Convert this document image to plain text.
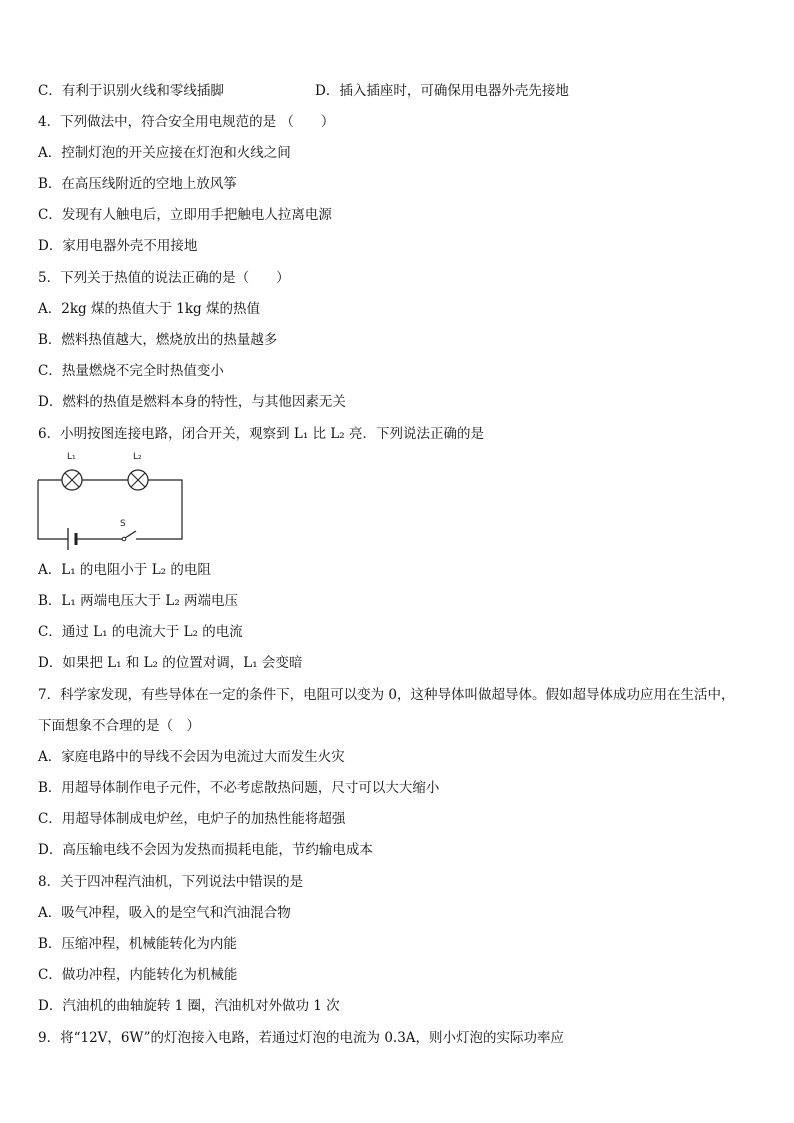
C．有利于识别火线和零线插脚	D．插入插座时，可确保用电器外壳先接地
4．下列做法中，符合安全用电规范的是 （　　）
A．控制灯泡的开关应接在灯泡和火线之间
B．在高压线附近的空地上放风筝
C．发现有人触电后，立即用手把触电人拉离电源
D．家用电器外壳不用接地
5．下列关于热值的说法正确的是（　　）
A．2kg 煤的热值大于 1kg 煤的热值
B．燃料热值越大，燃烧放出的热量越多
C．热量燃烧不完全时热值变小
D．燃料的热值是燃料本身的特性，与其他因素无关
6．小明按图连接电路，闭合开关，观察到 L₁ 比 L₂ 亮．下列说法正确的是
L₁	L₂
S
A．L₁ 的电阻小于 L₂ 的电阻
B．L₁ 两端电压大于 L₂ 两端电压
C．通过 L₁ 的电流大于 L₂ 的电流
D．如果把 L₁ 和 L₂ 的位置对调，L₁ 会变暗
7．科学家发现，有些导体在一定的条件下，电阻可以变为 0，这种导体叫做超导体。假如超导体成功应用在生活中，
下面想象不合理的是（　）
A．家庭电路中的导线不会因为电流过大而发生火灾
B．用超导体制作电子元件，不必考虑散热问题，尺寸可以大大缩小
C．用超导体制成电炉丝，电炉子的加热性能将超强
D．高压输电线不会因为发热而损耗电能，节约输电成本
8．关于四冲程汽油机，下列说法中错误的是
A．吸气冲程，吸入的是空气和汽油混合物
B．压缩冲程，机械能转化为内能
C．做功冲程，内能转化为机械能
D．汽油机的曲轴旋转 1 圈，汽油机对外做功 1 次
9．将“12V，6W”的灯泡接入电路，若通过灯泡的电流为 0.3A，则小灯泡的实际功率应
